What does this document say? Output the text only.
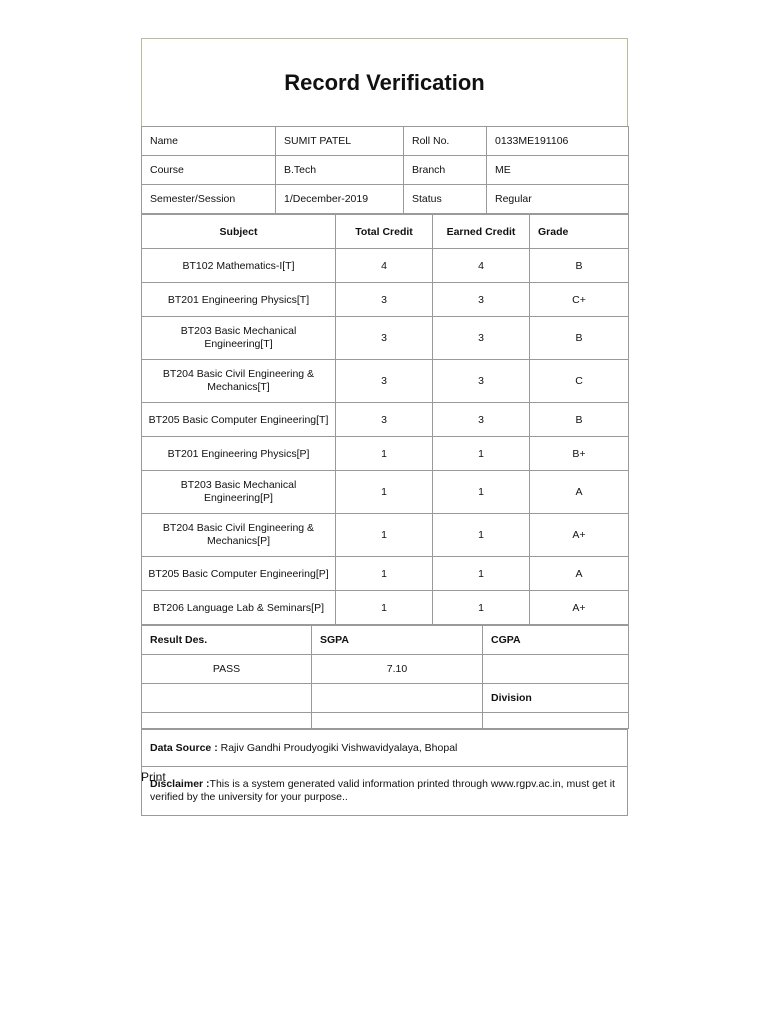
Record Verification
Name	SUMIT PATEL	Roll No.	0133ME191106
Course	B.Tech	Branch	ME
Semester/Session	1/December-2019	Status	Regular
Subject	Total Credit	Earned Credit	Grade
BT102 Mathematics-I[T]	4	4	B
BT201 Engineering Physics[T]	3	3	C+
BT203 Basic Mechanical Engineering[T]	3	3	B
BT204 Basic Civil Engineering & Mechanics[T]	3	3	C
BT205 Basic Computer Engineering[T]	3	3	B
BT201 Engineering Physics[P]	1	1	B+
BT203 Basic Mechanical Engineering[P]	1	1	A
BT204 Basic Civil Engineering & Mechanics[P]	1	1	A+
BT205 Basic Computer Engineering[P]	1	1	A
BT206 Language Lab & Seminars[P]	1	1	A+
Result Des.	SGPA	CGPA
PASS	7.10	
		Division

Data Source : Rajiv Gandhi Proudyogiki Vishwavidyalaya, Bhopal
Disclaimer :This is a system generated valid information printed through www.rgpv.ac.in, must get it verified by the university for your purpose..
Print
